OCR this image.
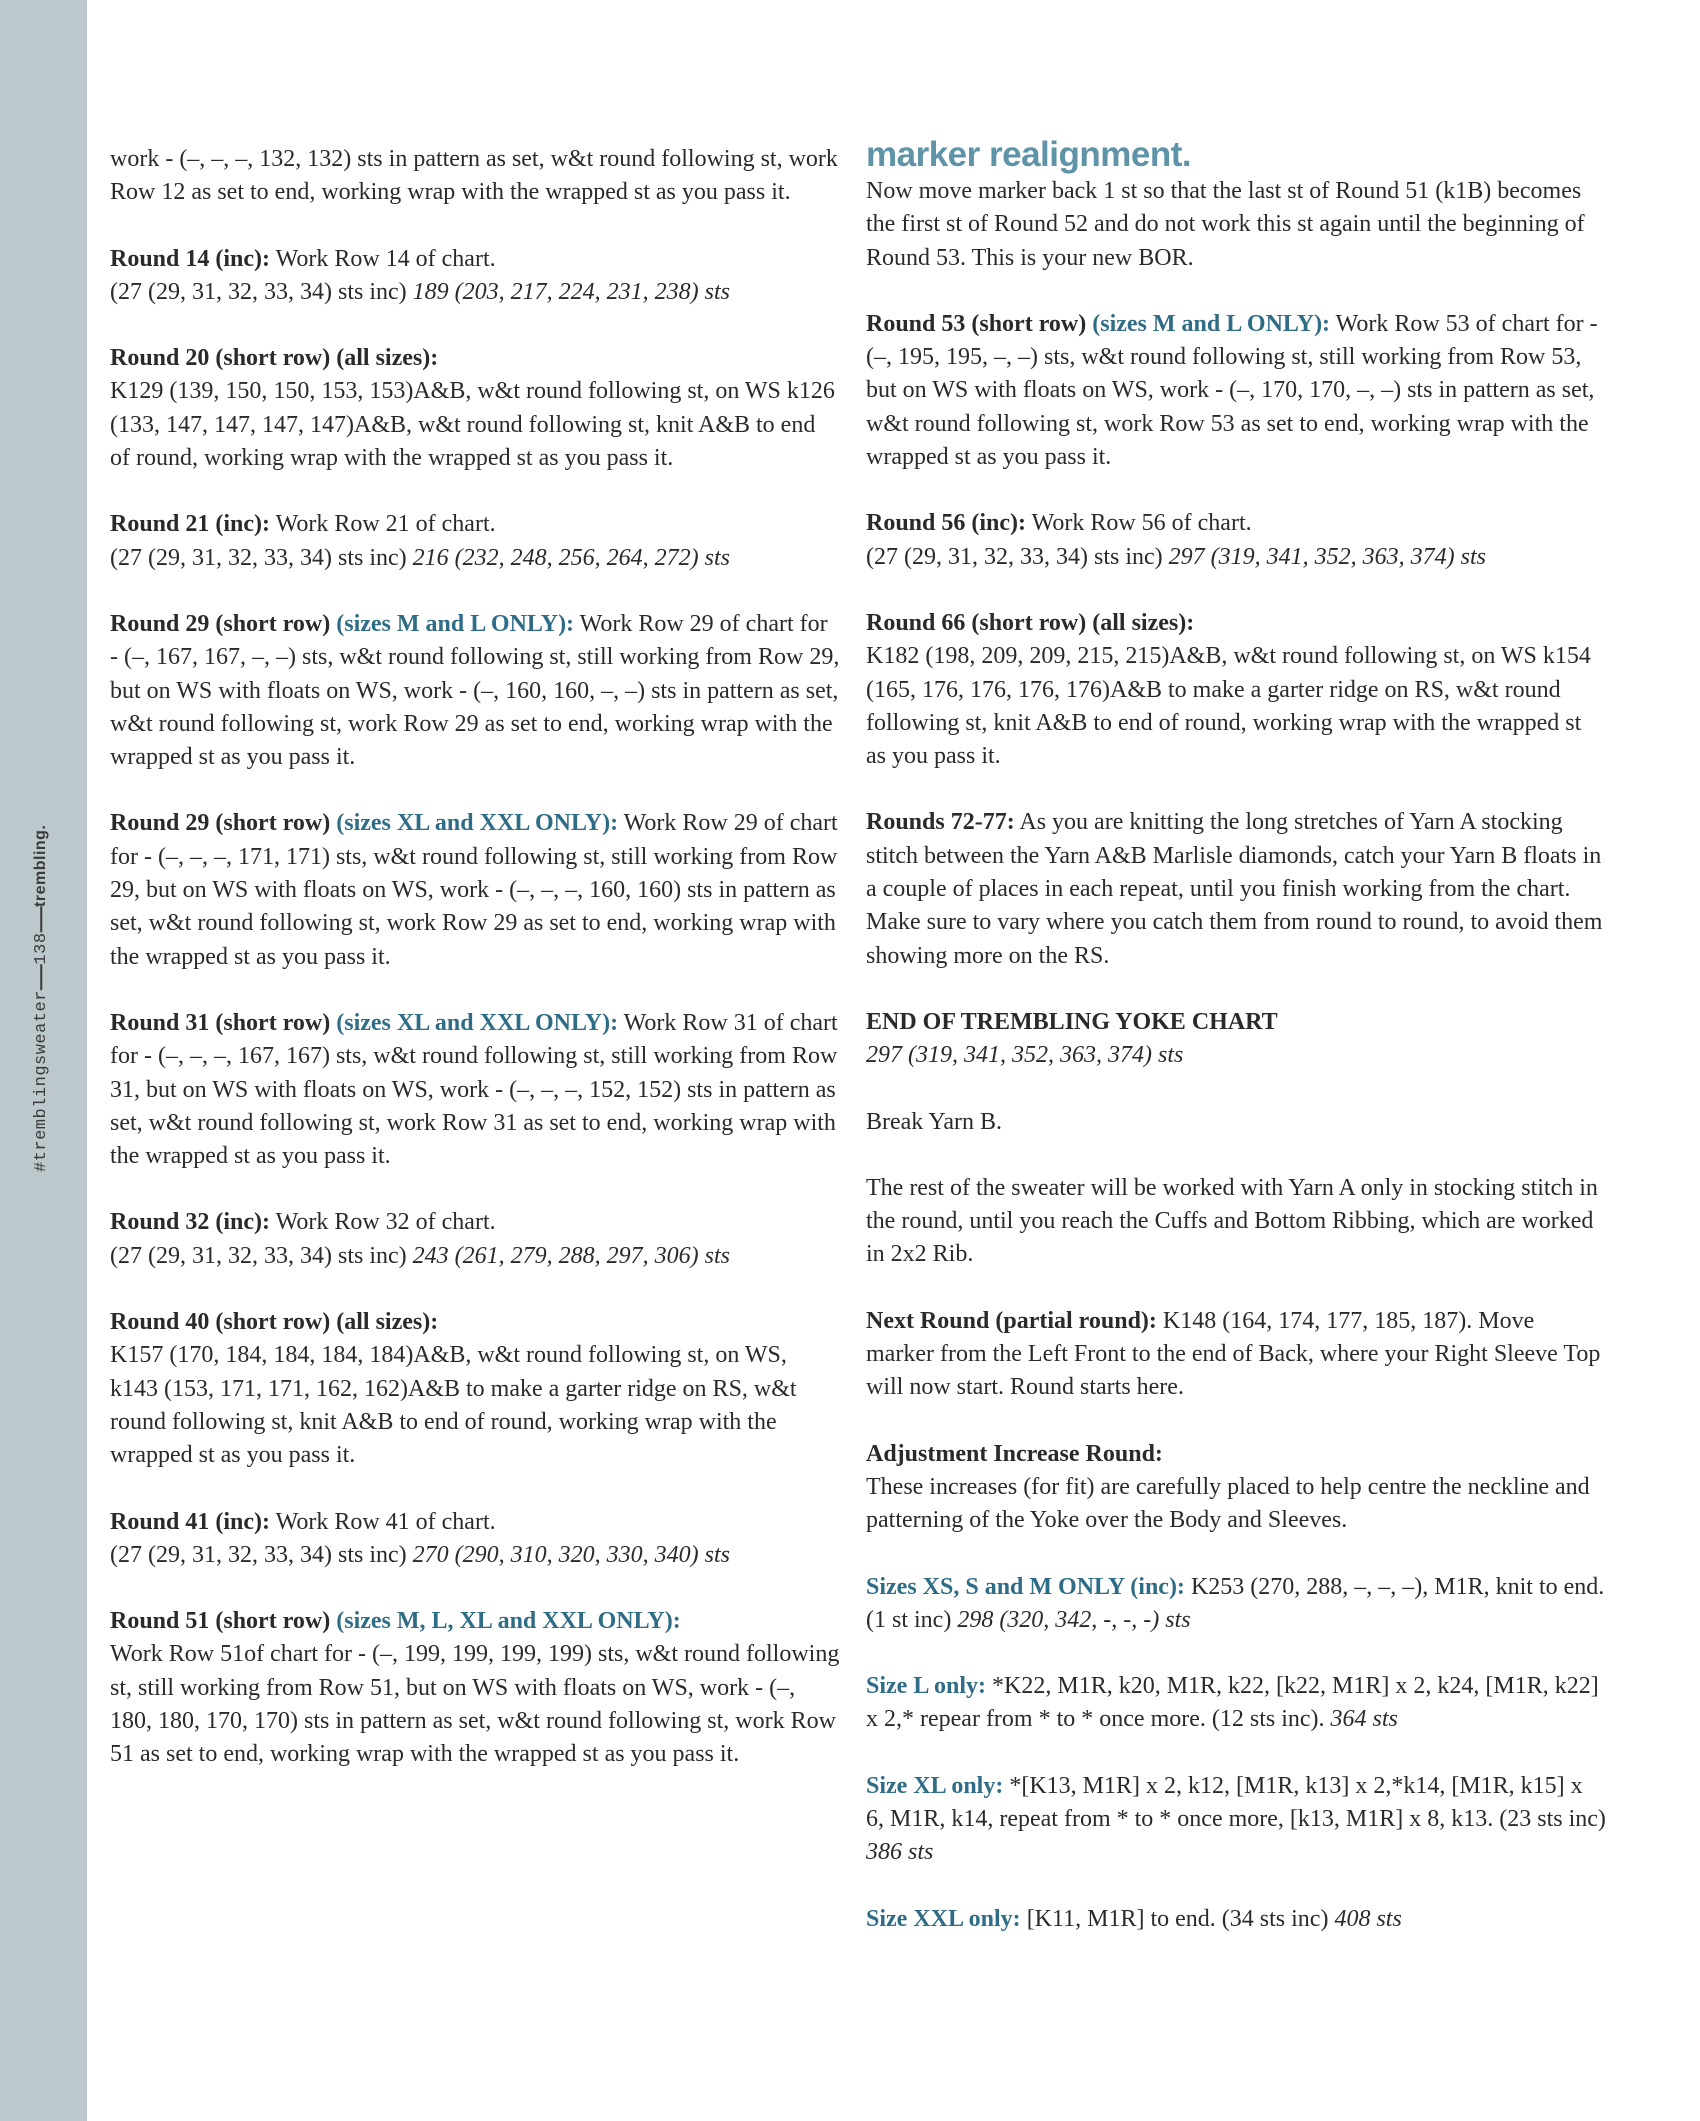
#tremblingsweater
138
trembling.

work - (–, –, –, 132, 132) sts in pattern as set, w&t round following st, work Row 12 as set to end, working wrap with the wrapped st as you pass it.

Round 14 (inc): Work Row 14 of chart.
(27 (29, 31, 32, 33, 34) sts inc) 189 (203, 217, 224, 231, 238) sts

Round 20 (short row) (all sizes):
K129 (139, 150, 150, 153, 153)A&B, w&t round following st, on WS k126 (133, 147, 147, 147, 147)A&B, w&t round following st, knit A&B to end of round, working wrap with the wrapped st as you pass it.

Round 21 (inc): Work Row 21 of chart.
(27 (29, 31, 32, 33, 34) sts inc) 216 (232, 248, 256, 264, 272) sts

Round 29 (short row) (sizes M and L ONLY): Work Row 29 of chart for - (–, 167, 167, –, –) sts, w&t round following st, still working from Row 29, but on WS with floats on WS, work - (–, 160, 160, –, –) sts in pattern as set, w&t round following st, work Row 29 as set to end, working wrap with the wrapped st as you pass it.

Round 29 (short row) (sizes XL and XXL ONLY): Work Row 29 of chart for - (–, –, –, 171, 171) sts, w&t round following st, still working from Row 29, but on WS with floats on WS, work - (–, –, –, 160, 160) sts in pattern as set, w&t round following st, work Row 29 as set to end, working wrap with the wrapped st as you pass it.

Round 31 (short row) (sizes XL and XXL ONLY): Work Row 31 of chart for - (–, –, –, 167, 167) sts, w&t round following st, still working from Row 31, but on WS with floats on WS, work - (–, –, –, 152, 152) sts in pattern as set, w&t round following st, work Row 31 as set to end, working wrap with the wrapped st as you pass it.

Round 32 (inc): Work Row 32 of chart.
(27 (29, 31, 32, 33, 34) sts inc) 243 (261, 279, 288, 297, 306) sts

Round 40 (short row) (all sizes):
K157 (170, 184, 184, 184, 184)A&B, w&t round following st, on WS, k143 (153, 171, 171, 162, 162)A&B to make a garter ridge on RS, w&t round following st, knit A&B to end of round, working wrap with the wrapped st as you pass it.

Round 41 (inc): Work Row 41 of chart.
(27 (29, 31, 32, 33, 34) sts inc) 270 (290, 310, 320, 330, 340) sts

Round 51 (short row) (sizes M, L, XL and XXL ONLY):
Work Row 51of chart for - (–, 199, 199, 199, 199) sts, w&t round following st, still working from Row 51, but on WS with floats on WS, work - (–, 180, 180, 170, 170) sts in pattern as set, w&t round following st, work Row 51 as set to end, working wrap with the wrapped st as you pass it.

marker realignment.

Now move marker back 1 st so that the last st of Round 51 (k1B) becomes the first st of Round 52 and do not work this st again until the beginning of Round 53. This is your new BOR.

Round 53 (short row) (sizes M and L ONLY): Work Row 53 of chart for - (–, 195, 195, –, –) sts, w&t round following st, still working from Row 53, but on WS with floats on WS, work - (–, 170, 170, –, –) sts in pattern as set, w&t round following st, work Row 53 as set to end, working wrap with the wrapped st as you pass it.

Round 56 (inc): Work Row 56 of chart.
(27 (29, 31, 32, 33, 34) sts inc) 297 (319, 341, 352, 363, 374) sts

Round 66 (short row) (all sizes):
K182 (198, 209, 209, 215, 215)A&B, w&t round following st, on WS k154 (165, 176, 176, 176, 176)A&B to make a garter ridge on RS, w&t round following st, knit A&B to end of round, working wrap with the wrapped st as you pass it.

Rounds 72-77: As you are knitting the long stretches of Yarn A stocking stitch between the Yarn A&B Marlisle diamonds, catch your Yarn B floats in a couple of places in each repeat, until you finish working from the chart. Make sure to vary where you catch them from round to round, to avoid them showing more on the RS.

END OF TREMBLING YOKE CHART
297 (319, 341, 352, 363, 374) sts

Break Yarn B.

The rest of the sweater will be worked with Yarn A only in stocking stitch in the round, until you reach the Cuffs and Bottom Ribbing, which are worked in 2x2 Rib.

Next Round (partial round): K148 (164, 174, 177, 185, 187). Move marker from the Left Front to the end of Back, where your Right Sleeve Top will now start. Round starts here.

Adjustment Increase Round:
These increases (for fit) are carefully placed to help centre the neckline and patterning of the Yoke over the Body and Sleeves.

Sizes XS, S and M ONLY (inc): K253 (270, 288, –, –, –), M1R, knit to end. (1 st inc) 298 (320, 342, -, -, -) sts

Size L only: *K22, M1R, k20, M1R, k22, [k22, M1R] x 2, k24, [M1R, k22] x 2,* repear from * to * once more. (12 sts inc). 364 sts

Size XL only: *[K13, M1R] x 2, k12, [M1R, k13] x 2,*k14, [M1R, k15] x 6, M1R, k14, repeat from * to * once more, [k13, M1R] x 8, k13. (23 sts inc) 386 sts

Size XXL only: [K11, M1R] to end. (34 sts inc) 408 sts
